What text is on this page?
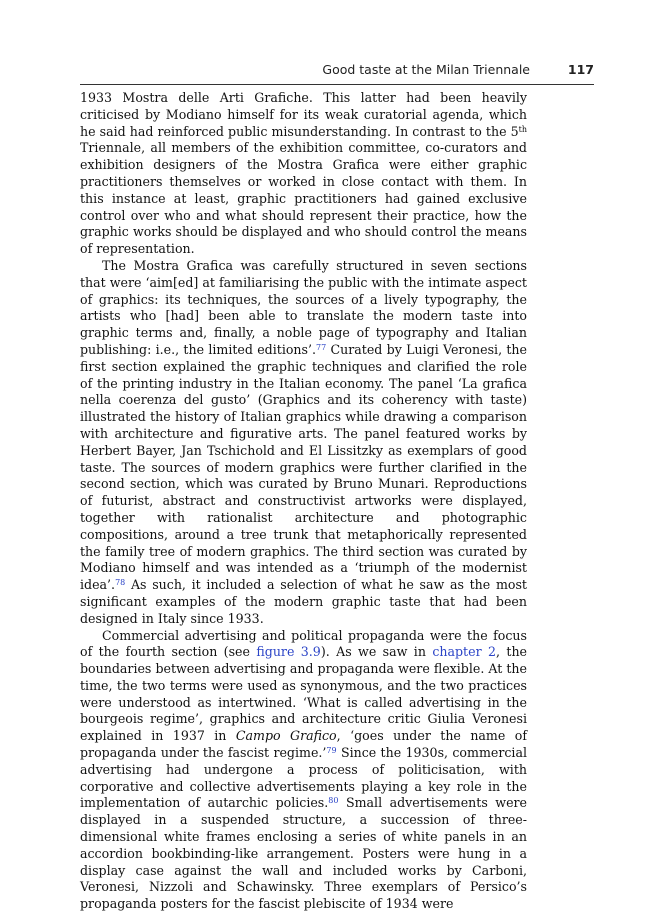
Good taste at the Milan Triennale	117

1933 Mostra delle Arti Grafiche. This latter had been heavily criticised by Modiano himself for its weak curatorial agenda, which he said had reinforced public misunderstanding. In contrast to the 5th Triennale, all members of the exhibition committee, co-curators and exhibition designers of the Mostra Grafica were either graphic practitioners themselves or worked in close contact with them. In this instance at least, graphic practitioners had gained exclusive control over who and what should represent their practice, how the graphic works should be displayed and who should control the means of representation.

The Mostra Grafica was carefully structured in seven sections that were ‘aim[ed] at familiarising the public with the intimate aspect of graphics: its techniques, the sources of a lively typography, the artists who [had] been able to translate the modern taste into graphic terms and, finally, a noble page of typography and Italian publishing: i.e., the limited editions’.$^{77}$ Curated by Luigi Veronesi, the first section explained the graphic techniques and clarified the role of the printing industry in the Italian economy. The panel ‘La grafica nella coerenza del gusto’ (Graphics and its coherency with taste) illustrated the history of Italian graphics while drawing a comparison with architecture and figurative arts. The panel featured works by Herbert Bayer, Jan Tschichold and El Lissitzky as exemplars of good taste. The sources of modern graphics were further clarified in the second section, which was curated by Bruno Munari. Reproductions of futurist, abstract and constructivist artworks were displayed, together with rationalist architecture and photographic compositions, around a tree trunk that metaphorically represented the family tree of modern graphics. The third section was curated by Modiano himself and was intended as a ‘triumph of the modernist idea’.$^{78}$ As such, it included a selection of what he saw as the most significant examples of the modern graphic taste that had been designed in Italy since 1933.

Commercial advertising and political propaganda were the focus of the fourth section (see figure 3.9). As we saw in chapter 2, the boundaries between advertising and propaganda were flexible. At the time, the two terms were used as synonymous, and the two practices were understood as intertwined. ‘What is called advertising in the bourgeois regime’, graphics and architecture critic Giulia Veronesi explained in 1937 in Campo Grafico, ‘goes under the name of propaganda under the fascist regime.’$^{79}$ Since the 1930s, commercial advertising had undergone a process of politicisation, with corporative and collective advertisements playing a key role in the implementation of autarchic policies.$^{80}$ Small advertisements were displayed in a suspended structure, a succession of three-dimensional white frames enclosing a series of white panels in an accordion bookbinding-like arrangement. Posters were hung in a display case against the wall and included works by Carboni, Veronesi, Nizzoli and Schawinsky. Three exemplars of Persico’s propaganda posters for the fascist plebiscite of 1934 were
